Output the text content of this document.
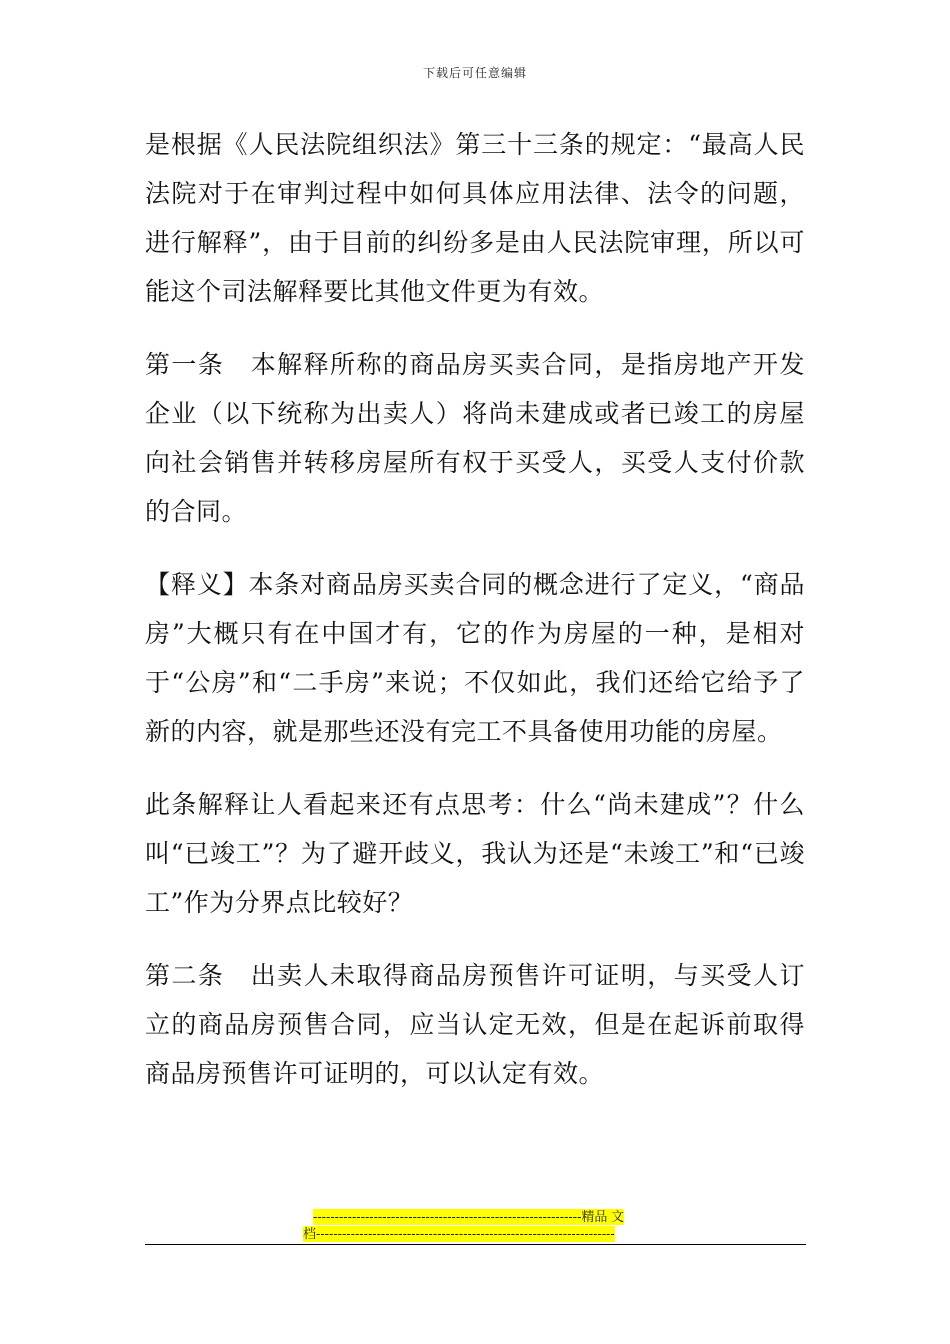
下载后可任意编辑

是根据《人民法院组织法》第三十三条的规定：“最高人民法院对于在审判过程中如何具体应用法律、法令的问题，进行解释”，由于目前的纠纷多是由人民法院审理，所以可能这个司法解释要比其他文件更为有效。

第一条　本解释所称的商品房买卖合同，是指房地产开发企业（以下统称为出卖人）将尚未建成或者已竣工的房屋向社会销售并转移房屋所有权于买受人，买受人支付价款的合同。

【释义】本条对商品房买卖合同的概念进行了定义，“商品房”大概只有在中国才有，它的作为房屋的一种，是相对于“公房”和“二手房”来说；不仅如此，我们还给它给予了新的内容，就是那些还没有完工不具备使用功能的房屋。

此条解释让人看起来还有点思考：什么“尚未建成”？什么叫“已竣工”？为了避开歧义，我认为还是“未竣工”和“已竣工”作为分界点比较好？

第二条　出卖人未取得商品房预售许可证明，与买受人订立的商品房预售合同，应当认定无效，但是在起诉前取得商品房预售许可证明的，可以认定有效。

--------------------------------------------------------------精品 文
档---------------------------------------------------------------------
